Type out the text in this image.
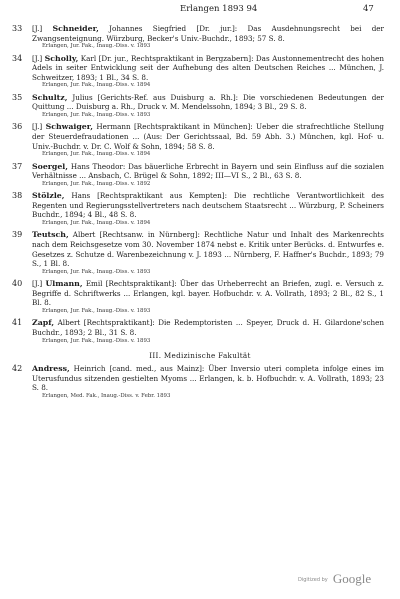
Erlangen 1893 94	47
33	[J.] Schneider, Johannes Siegfried [Dr. jur.]: Das Ausdehnungsrecht bei der Zwangsenteignung. Würzburg, Becker's Univ.-Buchdr., 1893; 57 S. 8.
Erlangen, Jur. Fak., Inaug.-Diss. v. 1893
34	[J.] Scholly, Karl [Dr. jur., Rechtspraktikant in Bergzabern]: Das Austonnementrecht des hohen Adels in seiter Entwicklung seit der Aufhebung des alten Deutschen Reiches ... München, J. Schweitzer, 1893; 1 Bl., 34 S. 8.
Erlangen, Jur. Fak., Inaug.-Diss. v. 1894
35	Schultz, Julius [Gerichts-Ref. aus Duisburg a. Rh.]: Die vorschiedenen Bedeutungen der Quittung ... Duisburg a. Rh., Druck v. M. Mendelssohn, 1894; 3 Bl., 29 S. 8.
Erlangen, Jur. Fak., Inaug.-Diss. v. 1893
36	[J.] Schwaiger, Hermann [Rechtspraktikant in München]: Ueber die strafrechtliche Stellung der Steuerdefraudationen ... (Aus: Der Gerichtssaal, Bd. 59 Abh. 3.) München, kgl. Hof- u. Univ.-Buchdr. v. Dr. C. Wolf & Sohn, 1894; 58 S. 8.
Erlangen, Jur. Fak., Inaug.-Diss. v. 1894
37	Soergel, Hans Theodor: Das bäuerliche Erbrecht in Bayern und sein Einfluss auf die sozialen Verhältnisse ... Ansbach, C. Brügel & Sohn, 1892; III—VI S., 2 Bl., 63 S. 8.
Erlangen, Jur. Fak., Inaug.-Diss. v. 1892
38	Stölzle, Hans [Rechtspraktikant aus Kempten]: Die rechtliche Verantwortlichkeit des Regenten und Regierungsstellvertreters nach deutschem Staatsrecht ... Würzburg, P. Scheiners Buchdr., 1894; 4 Bl., 48 S. 8.
Erlangen, Jur. Fak., Inaug.-Diss. v. 1894
39	Teutsch, Albert [Rechtsanw. in Nürnberg]: Rechtliche Natur und Inhalt des Markenrechts nach dem Reichsgesetze vom 30. November 1874 nebst e. Kritik unter Berücks. d. Entwurfes e. Gesetzes z. Schutze d. Warenbezeichnung v. J. 1893 ... Nürnberg, F. Haffner's Buchdr., 1893; 79 S., 1 Bl. 8.
Erlangen, Jur. Fak., Inaug.-Diss. v. 1893
40	[J.] Ulmann, Emil [Rechtspraktikant]: Über das Urheberrecht an Briefen, zugl. e. Versuch z. Begriffe d. Schriftwerks ... Erlangen, kgl. bayer. Hofbuchdr. v. A. Vollrath, 1893; 2 Bl., 82 S., 1 Bl. 8.
Erlangen, Jur. Fak., Inaug.-Diss. v. 1893
41	Zapf, Albert [Rechtspraktikant]: Die Redemptoristen ... Speyer, Druck d. H. Gilardone'schen Buchdr., 1893; 2 Bl., 31 S. 8.
Erlangen, Jur. Fak., Inaug.-Diss. v. 1893
III. Medizinische Fakultät
42	Andress, Heinrich [cand. med., aus Mainz]: Über Inversio uteri completa infolge eines im Uterusfundus sitzenden gestielten Myoms ... Erlangen, k. b. Hofbuchdr. v. A. Vollrath, 1893; 23 S. 8.
Erlangen, Med. Fak., Inaug.-Diss. v. Febr. 1893
Digitized by Google
